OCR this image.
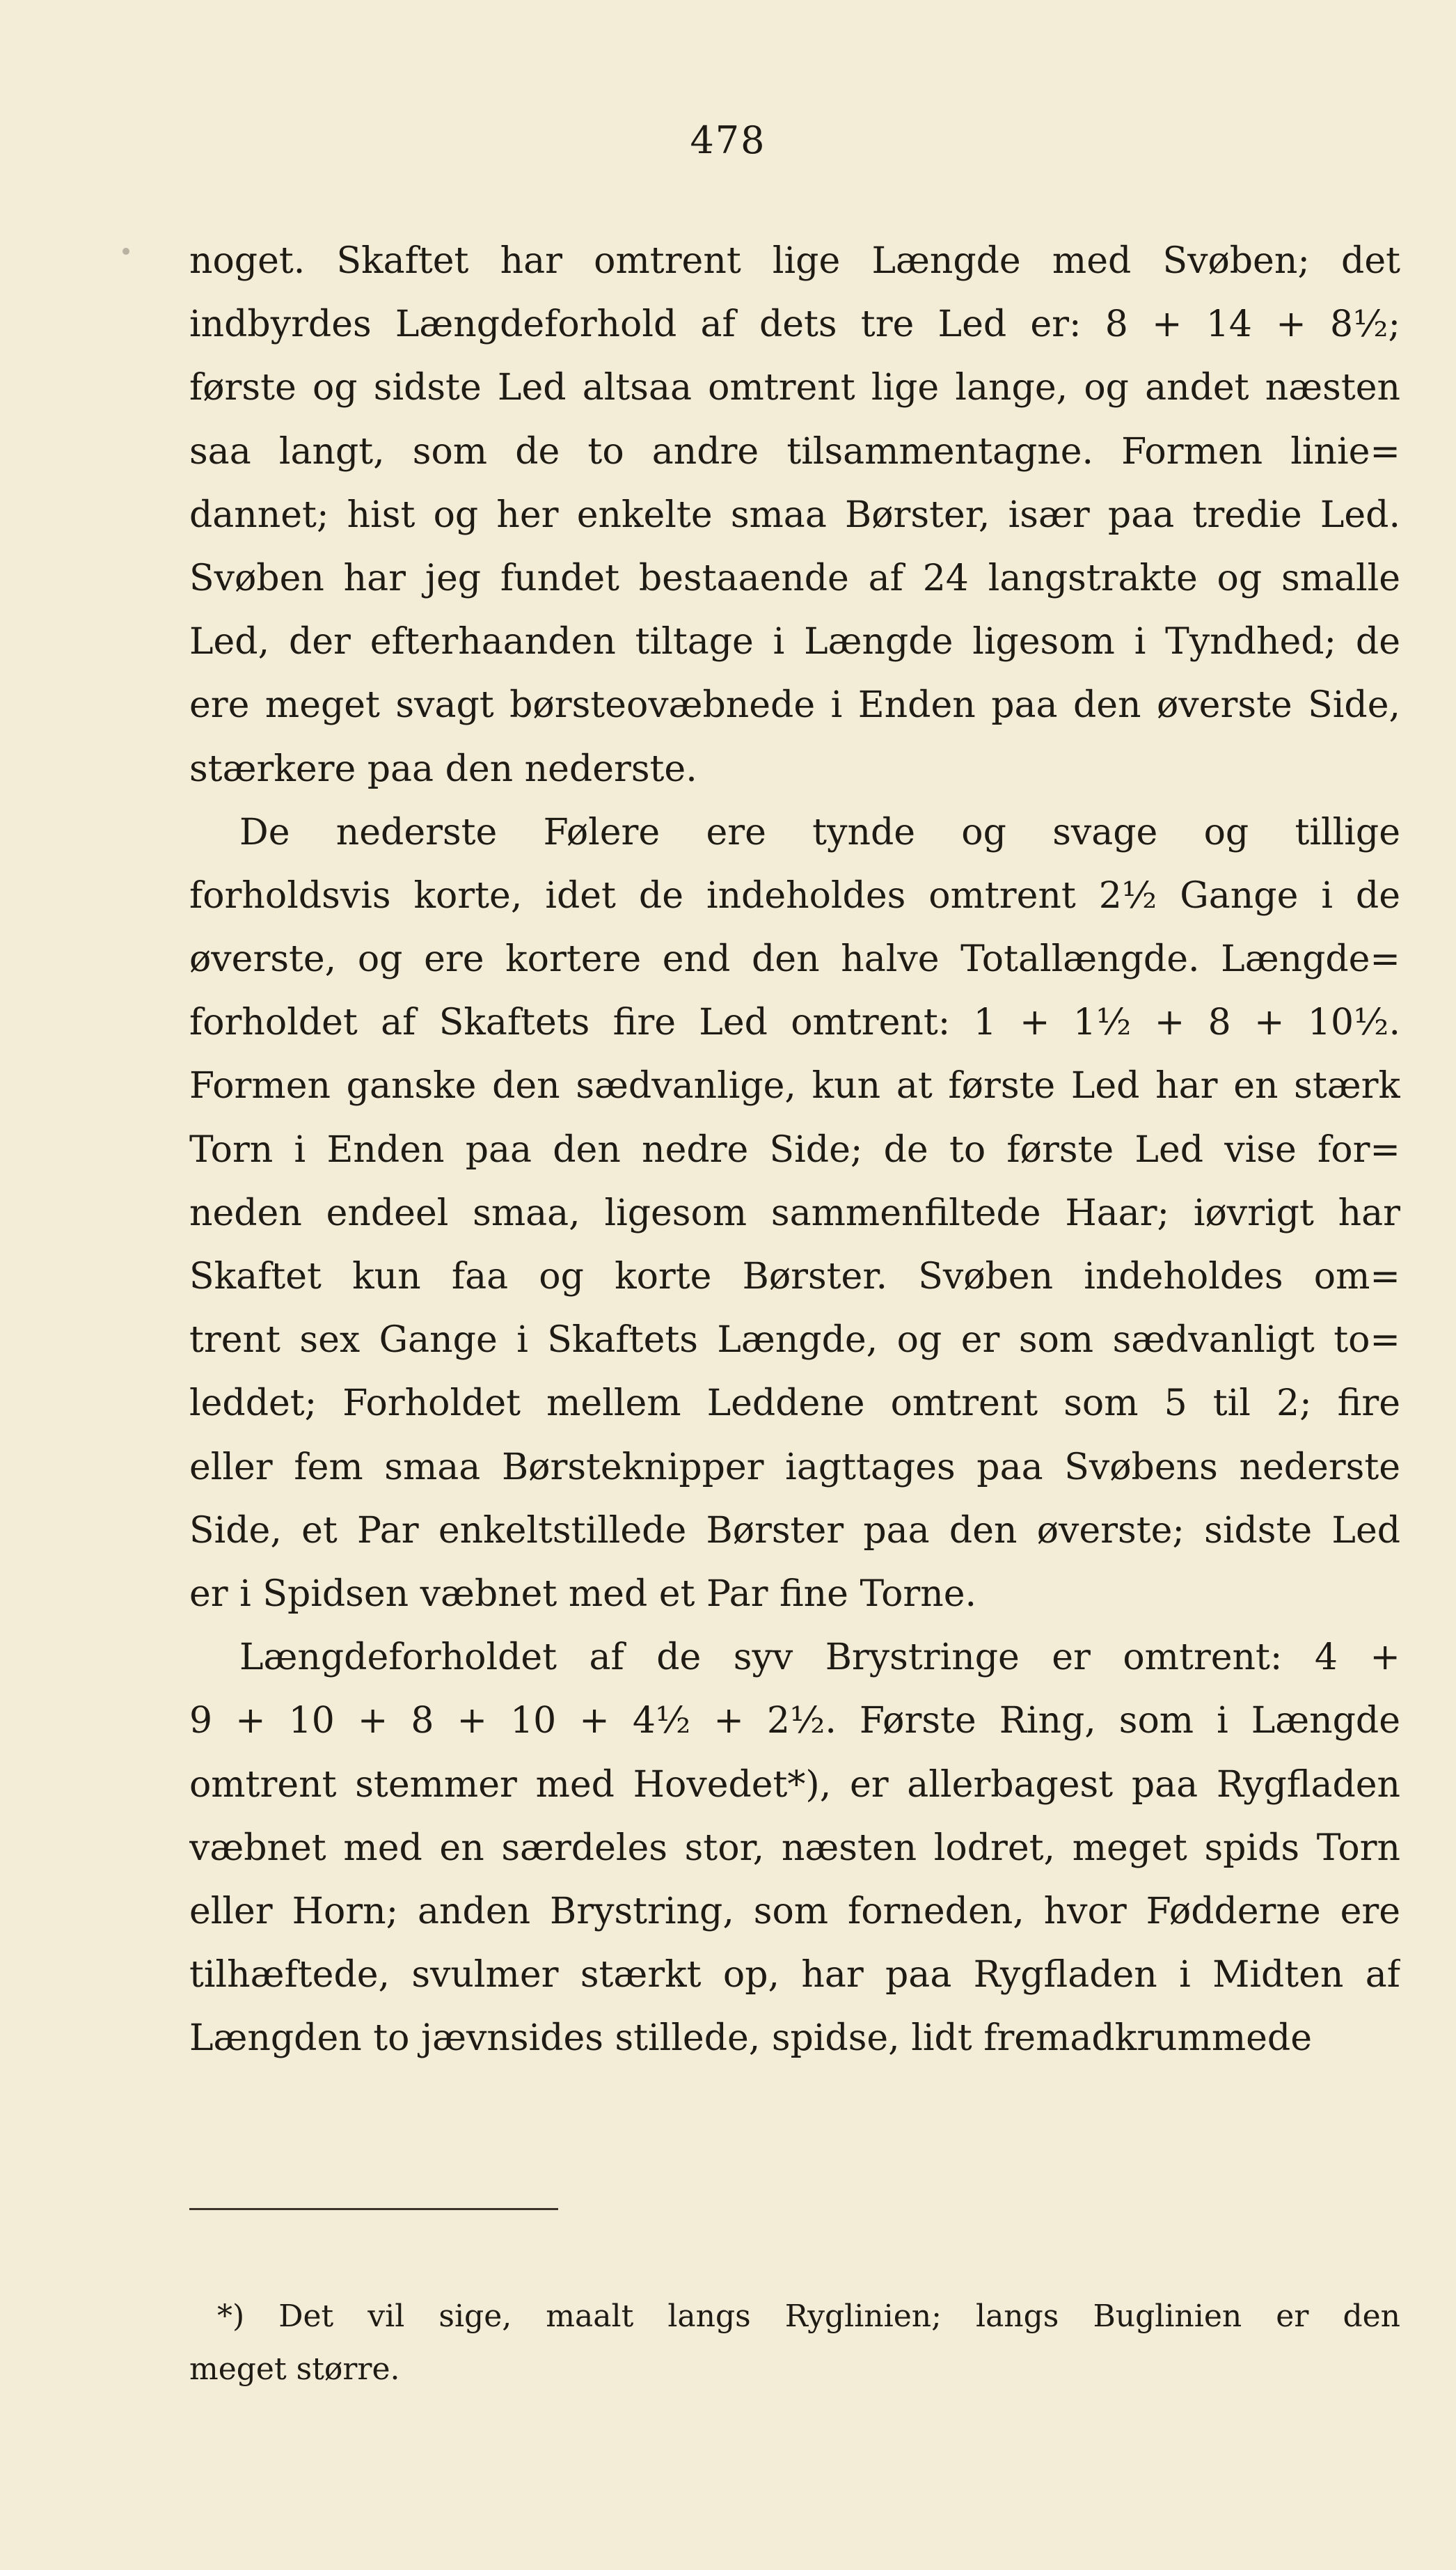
478
noget. Skaftet har omtrent lige Længde med Svøben; det
indbyrdes Længdeforhold af dets tre Led er: 8 + 14 + 8½;
første og sidste Led altsaa omtrent lige lange, og andet næsten
saa langt, som de to andre tilsammentagne. Formen linie=
dannet; hist og her enkelte smaa Børster, især paa tredie Led.
Svøben har jeg fundet bestaaende af 24 langstrakte og smalle
Led, der efterhaanden tiltage i Længde ligesom i Tyndhed; de
ere meget svagt børsteovæbnede i Enden paa den øverste Side,
stærkere paa den nederste.
De nederste Følere ere tynde og svage og tillige
forholdsvis korte, idet de indeholdes omtrent 2½ Gange i de
øverste, og ere kortere end den halve Totallængde. Længde=
forholdet af Skaftets fire Led omtrent: 1 + 1½ + 8 + 10½.
Formen ganske den sædvanlige, kun at første Led har en stærk
Torn i Enden paa den nedre Side; de to første Led vise for=
neden endeel smaa, ligesom sammenfiltede Haar; iøvrigt har
Skaftet kun faa og korte Børster. Svøben indeholdes om=
trent sex Gange i Skaftets Længde, og er som sædvanligt to=
leddet; Forholdet mellem Leddene omtrent som 5 til 2; fire
eller fem smaa Børsteknipper iagttages paa Svøbens nederste
Side, et Par enkeltstillede Børster paa den øverste; sidste Led
er i Spidsen væbnet med et Par fine Torne.
Længdeforholdet af de syv Brystringe er omtrent: 4 +
9 + 10 + 8 + 10 + 4½ + 2½. Første Ring, som i Længde
omtrent stemmer med Hovedet*), er allerbagest paa Rygfladen
væbnet med en særdeles stor, næsten lodret, meget spids Torn
eller Horn; anden Brystring, som forneden, hvor Fødderne ere
tilhæftede, svulmer stærkt op, har paa Rygfladen i Midten af
Længden to jævnsides stillede, spidse, lidt fremadkrummede
*) Det vil sige, maalt langs Ryglinien; langs Buglinien er den
meget større.
